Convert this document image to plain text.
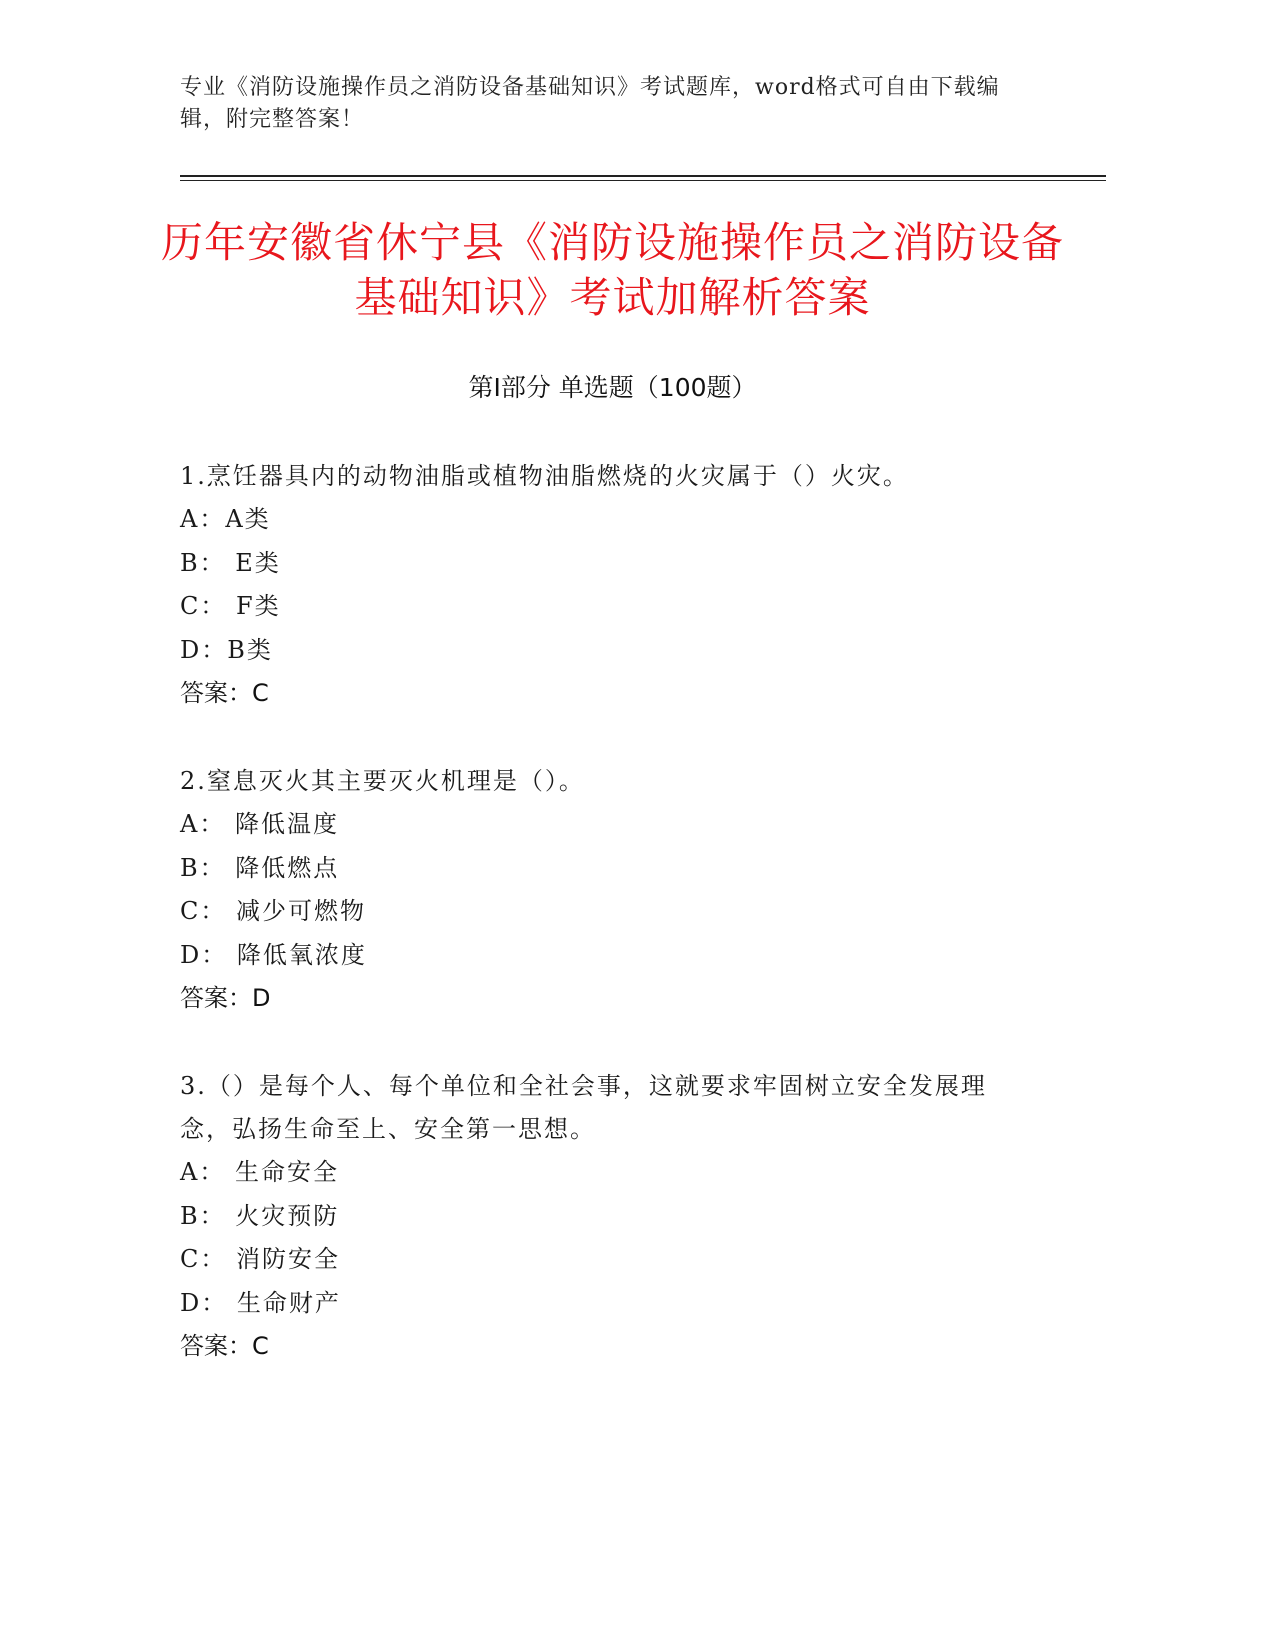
专业《消防设施操作员之消防设备基础知识》考试题库，word格式可自由下载编辑，附完整答案！
历年安徽省休宁县《消防设施操作员之消防设备基础知识》考试加解析答案
第Ⅰ部分 单选题（100题）
1.烹饪器具内的动物油脂或植物油脂燃烧的火灾属于（）火灾。
A：A类
B： E类
C： F类
D：B类
答案：C
2.窒息灭火其主要灭火机理是（）。
A： 降低温度
B： 降低燃点
C： 减少可燃物
D： 降低氧浓度
答案：D
3.（）是每个人、每个单位和全社会事，这就要求牢固树立安全发展理念，弘扬生命至上、安全第一思想。
A： 生命安全
B： 火灾预防
C： 消防安全
D： 生命财产
答案：C
